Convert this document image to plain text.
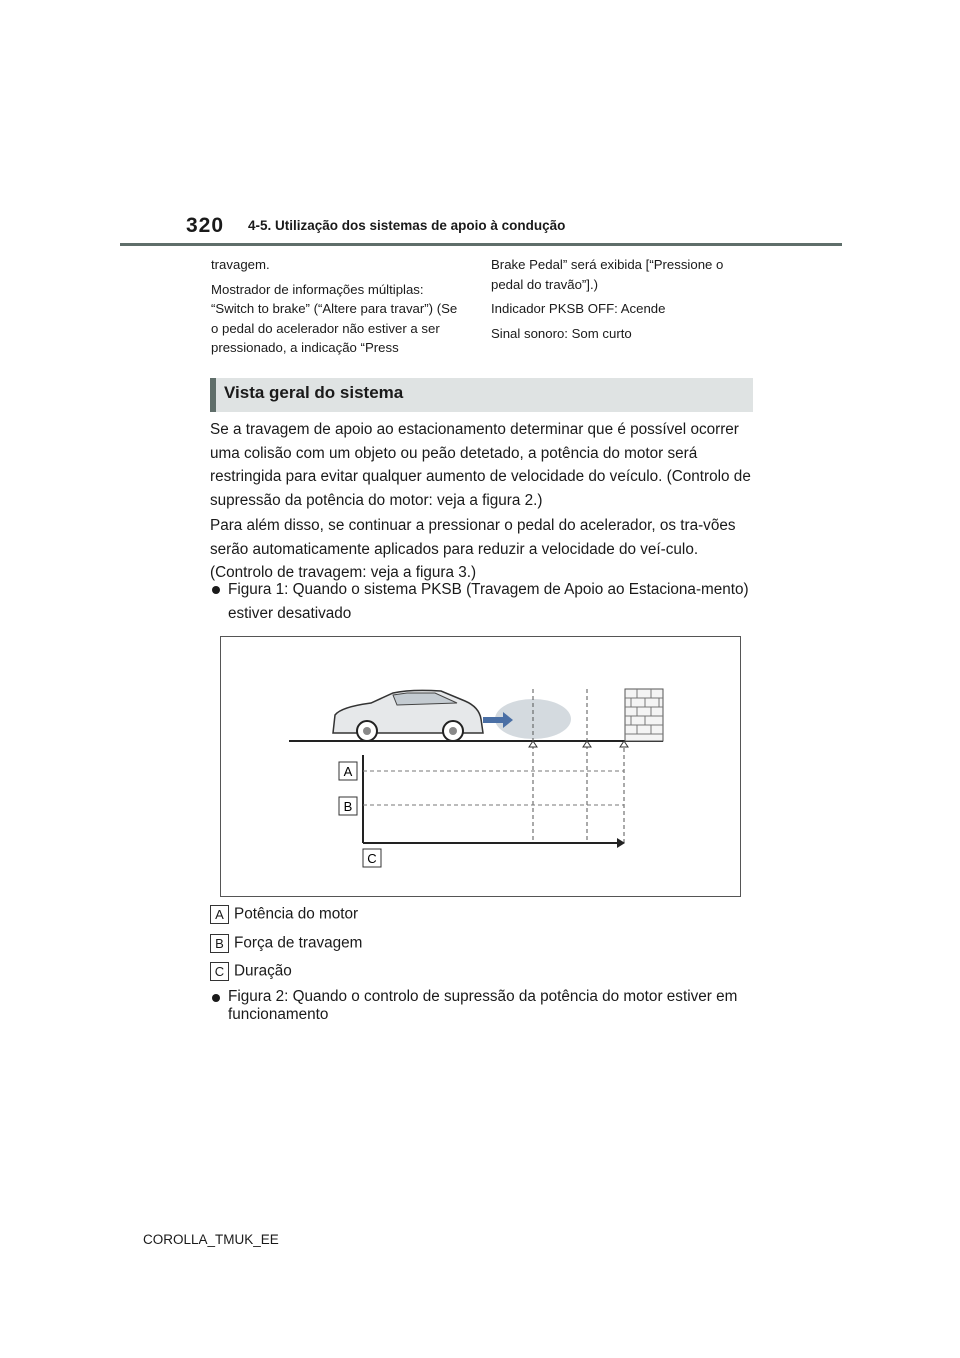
320 4-5. Utilização dos sistemas de apoio à condução

travagem.

Mostrador de informações múltiplas: “Switch to brake” (“Altere para travar”) (Se o pedal do acelerador não estiver a ser pressionado, a indicação “Press

Brake Pedal” será exibida [“Pressione o pedal do travão”].)

Indicador PKSB OFF: Acende

Sinal sonoro: Som curto

Vista geral do sistema
Se a travagem de apoio ao estacionamento determinar que é possível ocorrer uma colisão com um objeto ou peão detetado, a potência do motor será restringida para evitar qualquer aumento de velocidade do veículo. (Controlo de supressão da potência do motor: veja a figura 2.)
Para além disso, se continuar a pressionar o pedal do acelerador, os tra-vões serão automaticamente aplicados para reduzir a velocidade do veí-culo. (Controlo de travagem: veja a figura 3.)
Figura 1: Quando o sistema PKSB (Travagem de Apoio ao Estaciona-mento) estiver desativado
A
B
C
A Potência do motor
B Força de travagem
C Duração
Figura 2: Quando o controlo de supressão da potência do motor estiver em funcionamento
COROLLA_TMUK_EE
